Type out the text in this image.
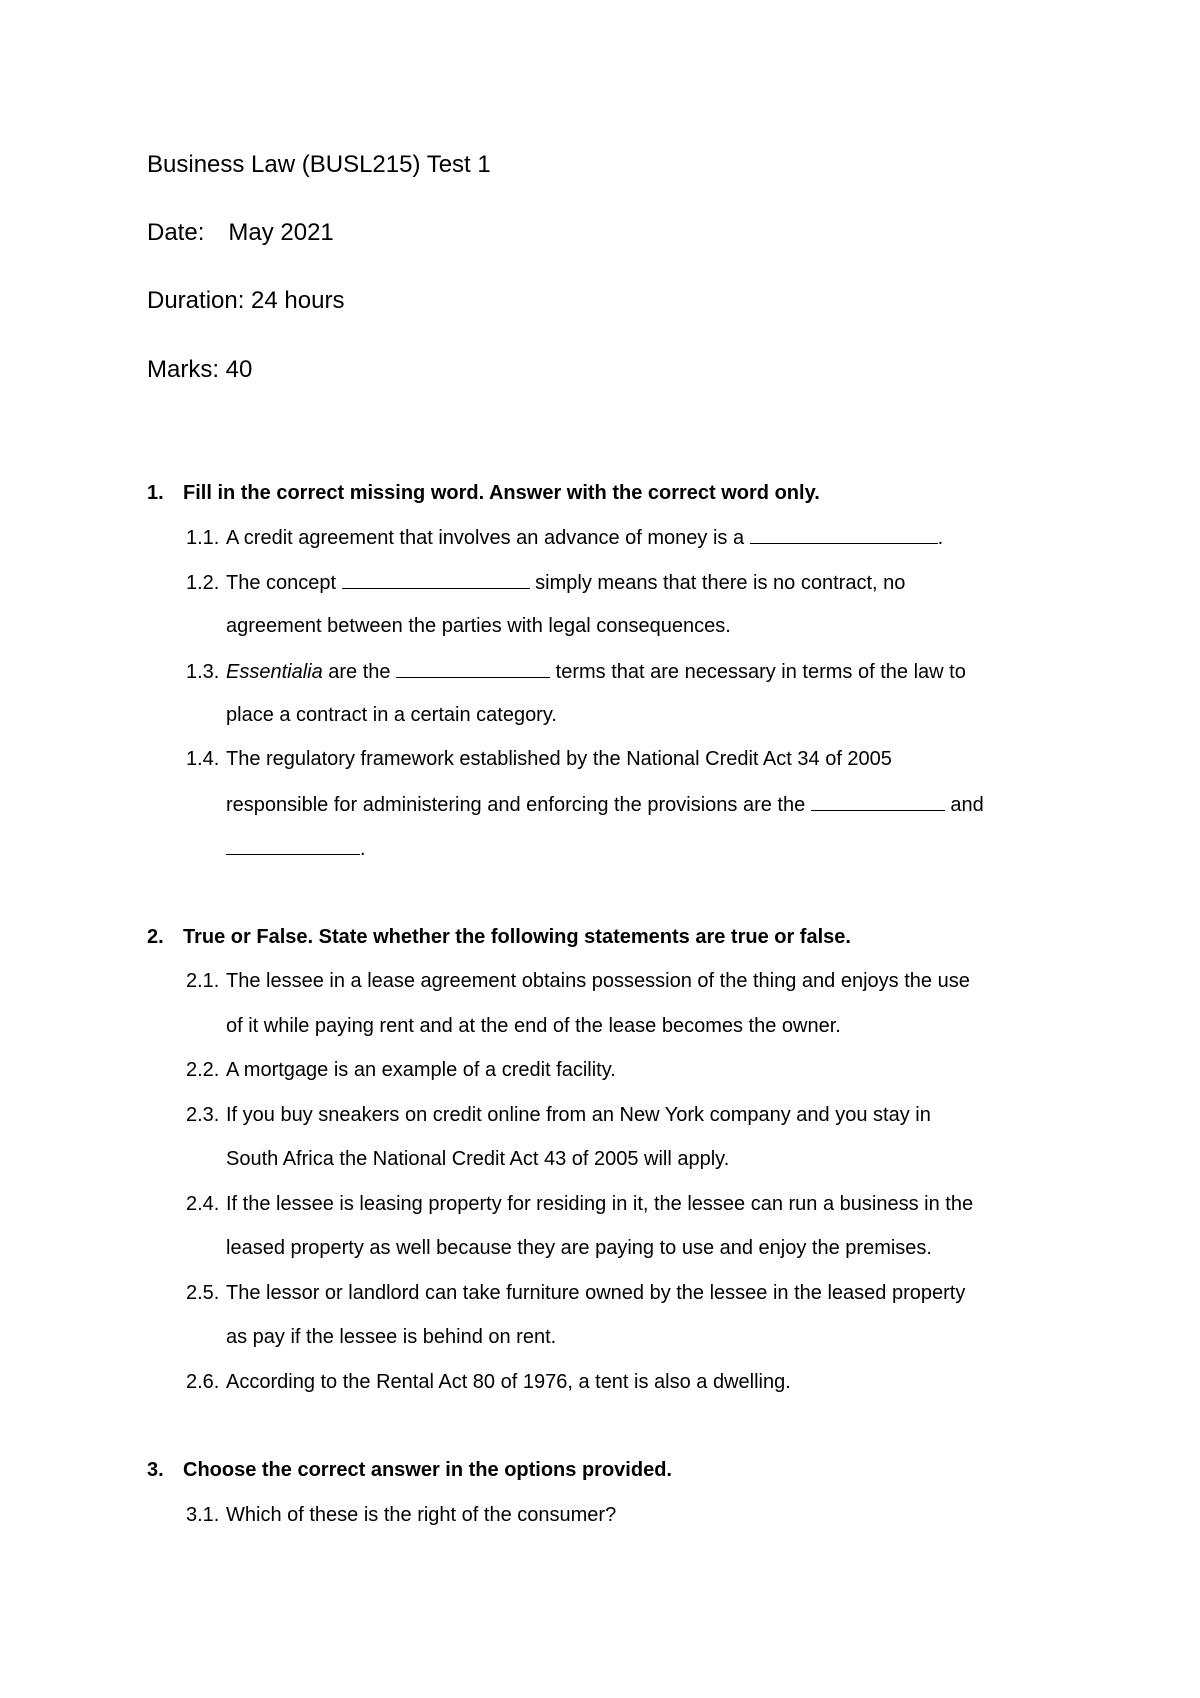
Business Law (BUSL215) Test 1
Date: May 2021
Duration: 24 hours
Marks: 40
1. Fill in the correct missing word. Answer with the correct word only.
1.1. A credit agreement that involves an advance of money is a	.
1.2. The concept	simply means that there is no contract, no
agreement between the parties with legal consequences.
1.3. Essentialia are the	terms that are necessary in terms of the law to
place a contract in a certain category.
1.4. The regulatory framework established by the National Credit Act 34 of 2005
responsible for administering and enforcing the provisions are the	and
.
2. True or False. State whether the following statements are true or false.
2.1. The lessee in a lease agreement obtains possession of the thing and enjoys the use
of it while paying rent and at the end of the lease becomes the owner.
2.2. A mortgage is an example of a credit facility.
2.3. If you buy sneakers on credit online from an New York company and you stay in
South Africa the National Credit Act 43 of 2005 will apply.
2.4. If the lessee is leasing property for residing in it, the lessee can run a business in the
leased property as well because they are paying to use and enjoy the premises.
2.5. The lessor or landlord can take furniture owned by the lessee in the leased property
as pay if the lessee is behind on rent.
2.6. According to the Rental Act 80 of 1976, a tent is also a dwelling.
3. Choose the correct answer in the options provided.
3.1. Which of these is the right of the consumer?
